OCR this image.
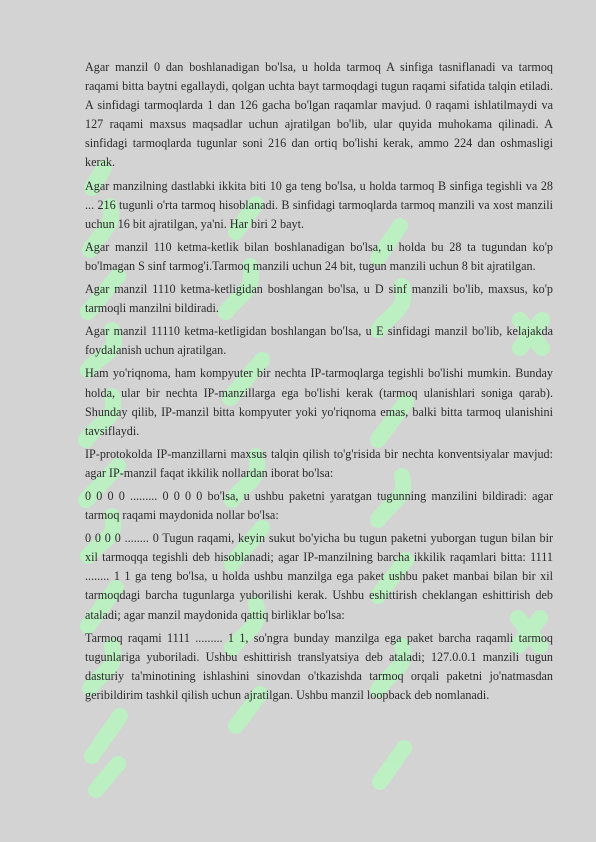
Agar manzil 0 dan boshlanadigan bo'lsa, u holda tarmoq A sinfiga tasniflanadi va tarmoq raqami bitta baytni egallaydi, qolgan uchta bayt tarmoqdagi tugun raqami sifatida talqin etiladi. A sinfidagi tarmoqlarda 1 dan 126 gacha bo'lgan raqamlar mavjud. 0 raqami ishlatilmaydi va 127 raqami maxsus maqsadlar uchun ajratilgan bo'lib, ular quyida muhokama qilinadi. A sinfidagi tarmoqlarda tugunlar soni 216 dan ortiq bo'lishi kerak, ammo 224 dan oshmasligi kerak.

Agar manzilning dastlabki ikkita biti 10 ga teng bo'lsa, u holda tarmoq B sinfiga tegishli va 28 ... 216 tugunli o'rta tarmoq hisoblanadi. B sinfidagi tarmoqlarda tarmoq manzili va xost manzili uchun 16 bit ajratilgan, ya'ni. Har biri 2 bayt.

Agar manzil 110 ketma-ketlik bilan boshlanadigan bo'lsa, u holda bu 28 ta tugundan ko'p bo'lmagan S sinf tarmog'i.Tarmoq manzili uchun 24 bit, tugun manzili uchun 8 bit ajratilgan.

Agar manzil 1110 ketma-ketligidan boshlangan bo'lsa, u D sinf manzili bo'lib, maxsus, ko'p tarmoqli manzilni bildiradi.

Agar manzil 11110 ketma-ketligidan boshlangan bo'lsa, u E sinfidagi manzil bo'lib, kelajakda foydalanish uchun ajratilgan.

Ham yo'riqnoma, ham kompyuter bir nechta IP-tarmoqlarga tegishli bo'lishi mumkin. Bunday holda, ular bir nechta IP-manzillarga ega bo'lishi kerak (tarmoq ulanishlari soniga qarab). Shunday qilib, IP-manzil bitta kompyuter yoki yo'riqnoma emas, balki bitta tarmoq ulanishini tavsiflaydi.

IP-protokolda IP-manzillarni maxsus talqin qilish to'g'risida bir nechta konventsiyalar mavjud: agar IP-manzil faqat ikkilik nollardan iborat bo'lsa:

0 0 0 0 ......... 0 0 0 0 bo'lsa, u ushbu paketni yaratgan tugunning manzilini bildiradi: agar tarmoq raqami maydonida nollar bo'lsa:

0 0 0 0 ........ 0 Tugun raqami, keyin sukut bo'yicha bu tugun paketni yuborgan tugun bilan bir xil tarmoqqa tegishli deb hisoblanadi; agar IP-manzilning barcha ikkilik raqamlari bitta: 1111 ........ 1 1 ga teng bo'lsa, u holda ushbu manzilga ega paket ushbu paket manbai bilan bir xil tarmoqdagi barcha tugunlarga yuborilishi kerak. Ushbu eshittirish cheklangan eshittirish deb ataladi; agar manzil maydonida qattiq birliklar bo'lsa:

Tarmoq raqami 1111 ......... 1 1, so'ngra bunday manzilga ega paket barcha raqamli tarmoq tugunlariga yuboriladi. Ushbu eshittirish translyatsiya deb ataladi; 127.0.0.1 manzili tugun dasturiy ta'minotining ishlashini sinovdan o'tkazishda tarmoq orqali paketni jo'natmasdan geribildirim tashkil qilish uchun ajratilgan. Ushbu manzil loopback deb nomlanadi.
